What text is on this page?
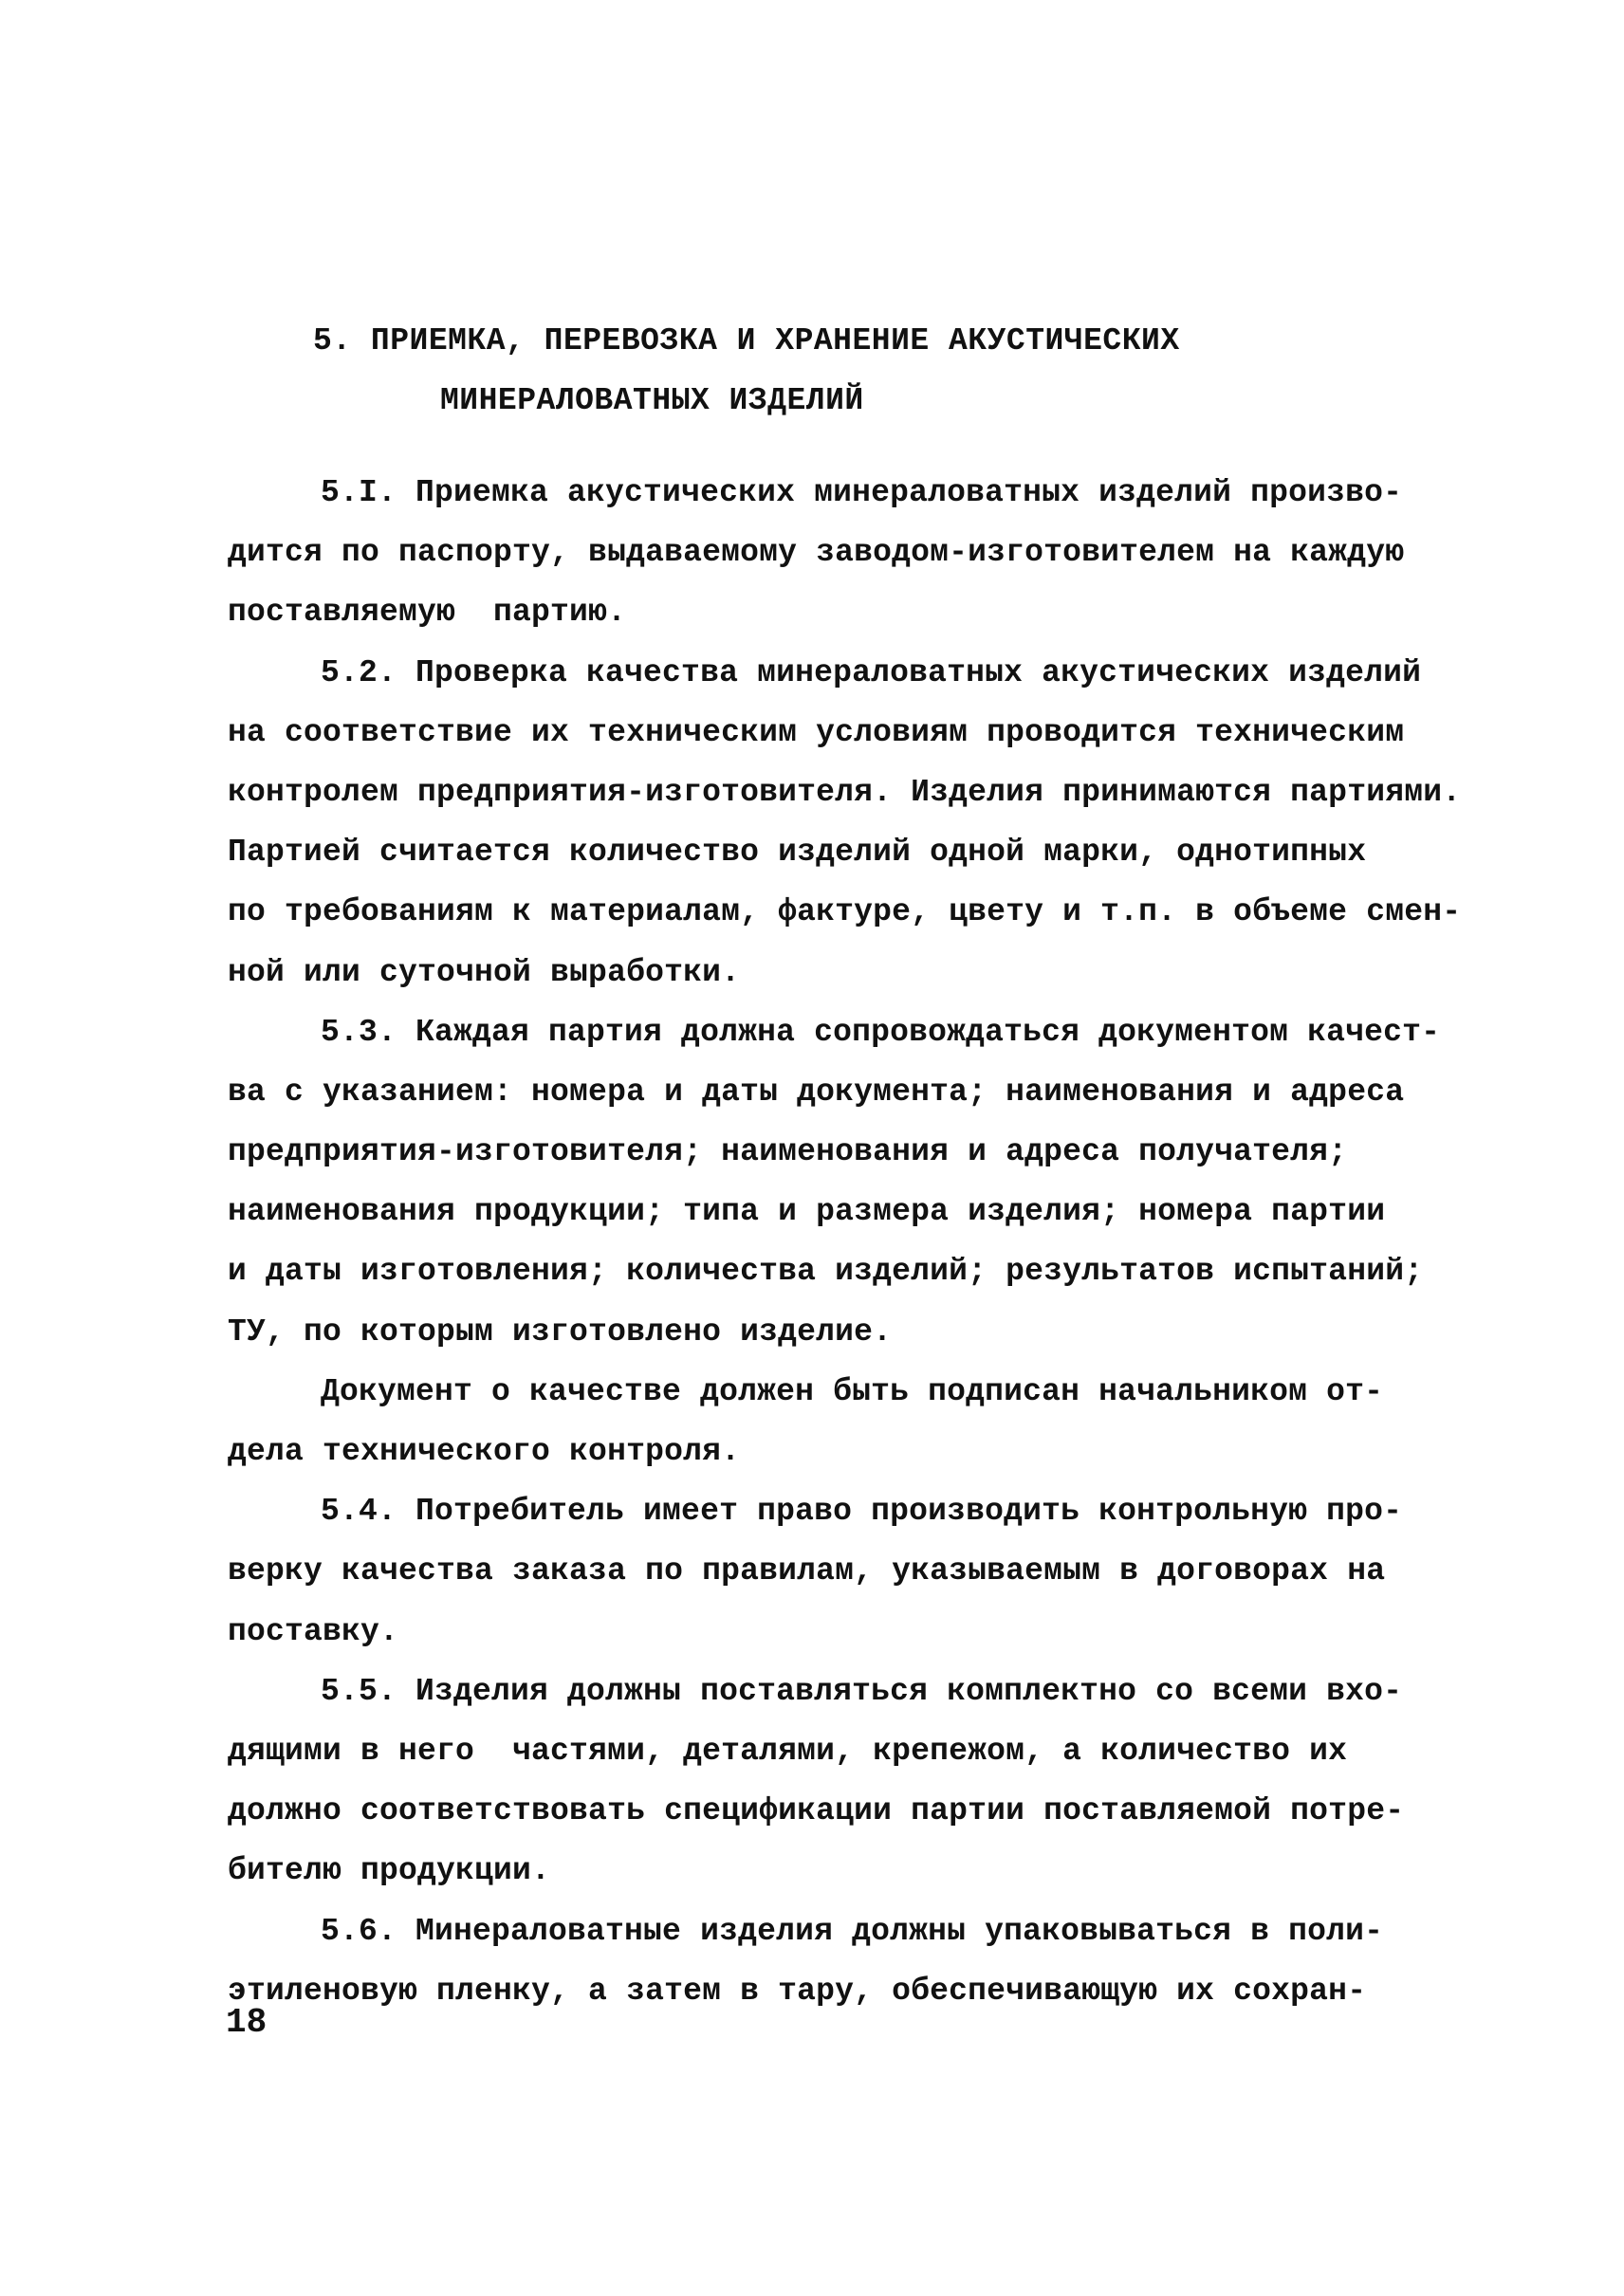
5. ПРИЕМКА, ПЕРЕВОЗКА И ХРАНЕНИЕ АКУСТИЧЕСКИХ
МИНЕРАЛОВАТНЫХ ИЗДЕЛИЙ
5.I. Приемка акустических минераловатных изделий произво-
дится по паспорту, выдаваемому заводом-изготовителем на каждую
поставляемую  партию.
5.2. Проверка качества минераловатных акустических изделий
на соответствие их техническим условиям проводится техническим
контролем предприятия-изготовителя. Изделия принимаются партиями.
Партией считается количество изделий одной марки, однотипных
по требованиям к материалам, фактуре, цвету и т.п. в объеме смен-
ной или суточной выработки.
5.3. Каждая партия должна сопровождаться документом качест-
ва с указанием: номера и даты документа; наименования и адреса
предприятия-изготовителя; наименования и адреса получателя;
наименования продукции; типа и размера изделия; номера партии
и даты изготовления; количества изделий; результатов испытаний;
ТУ, по которым изготовлено изделие.
Документ о качестве должен быть подписан начальником от-
дела технического контроля.
5.4. Потребитель имеет право производить контрольную про-
верку качества заказа по правилам, указываемым в договорах на
поставку.
5.5. Изделия должны поставляться комплектно со всеми вхо-
дящими в него  частями, деталями, крепежом, а количество их
должно соответствовать спецификации партии поставляемой потре-
бителю продукции.
5.6. Минераловатные изделия должны упаковываться в поли-
этиленовую пленку, а затем в тару, обеспечивающую их сохран-
18
